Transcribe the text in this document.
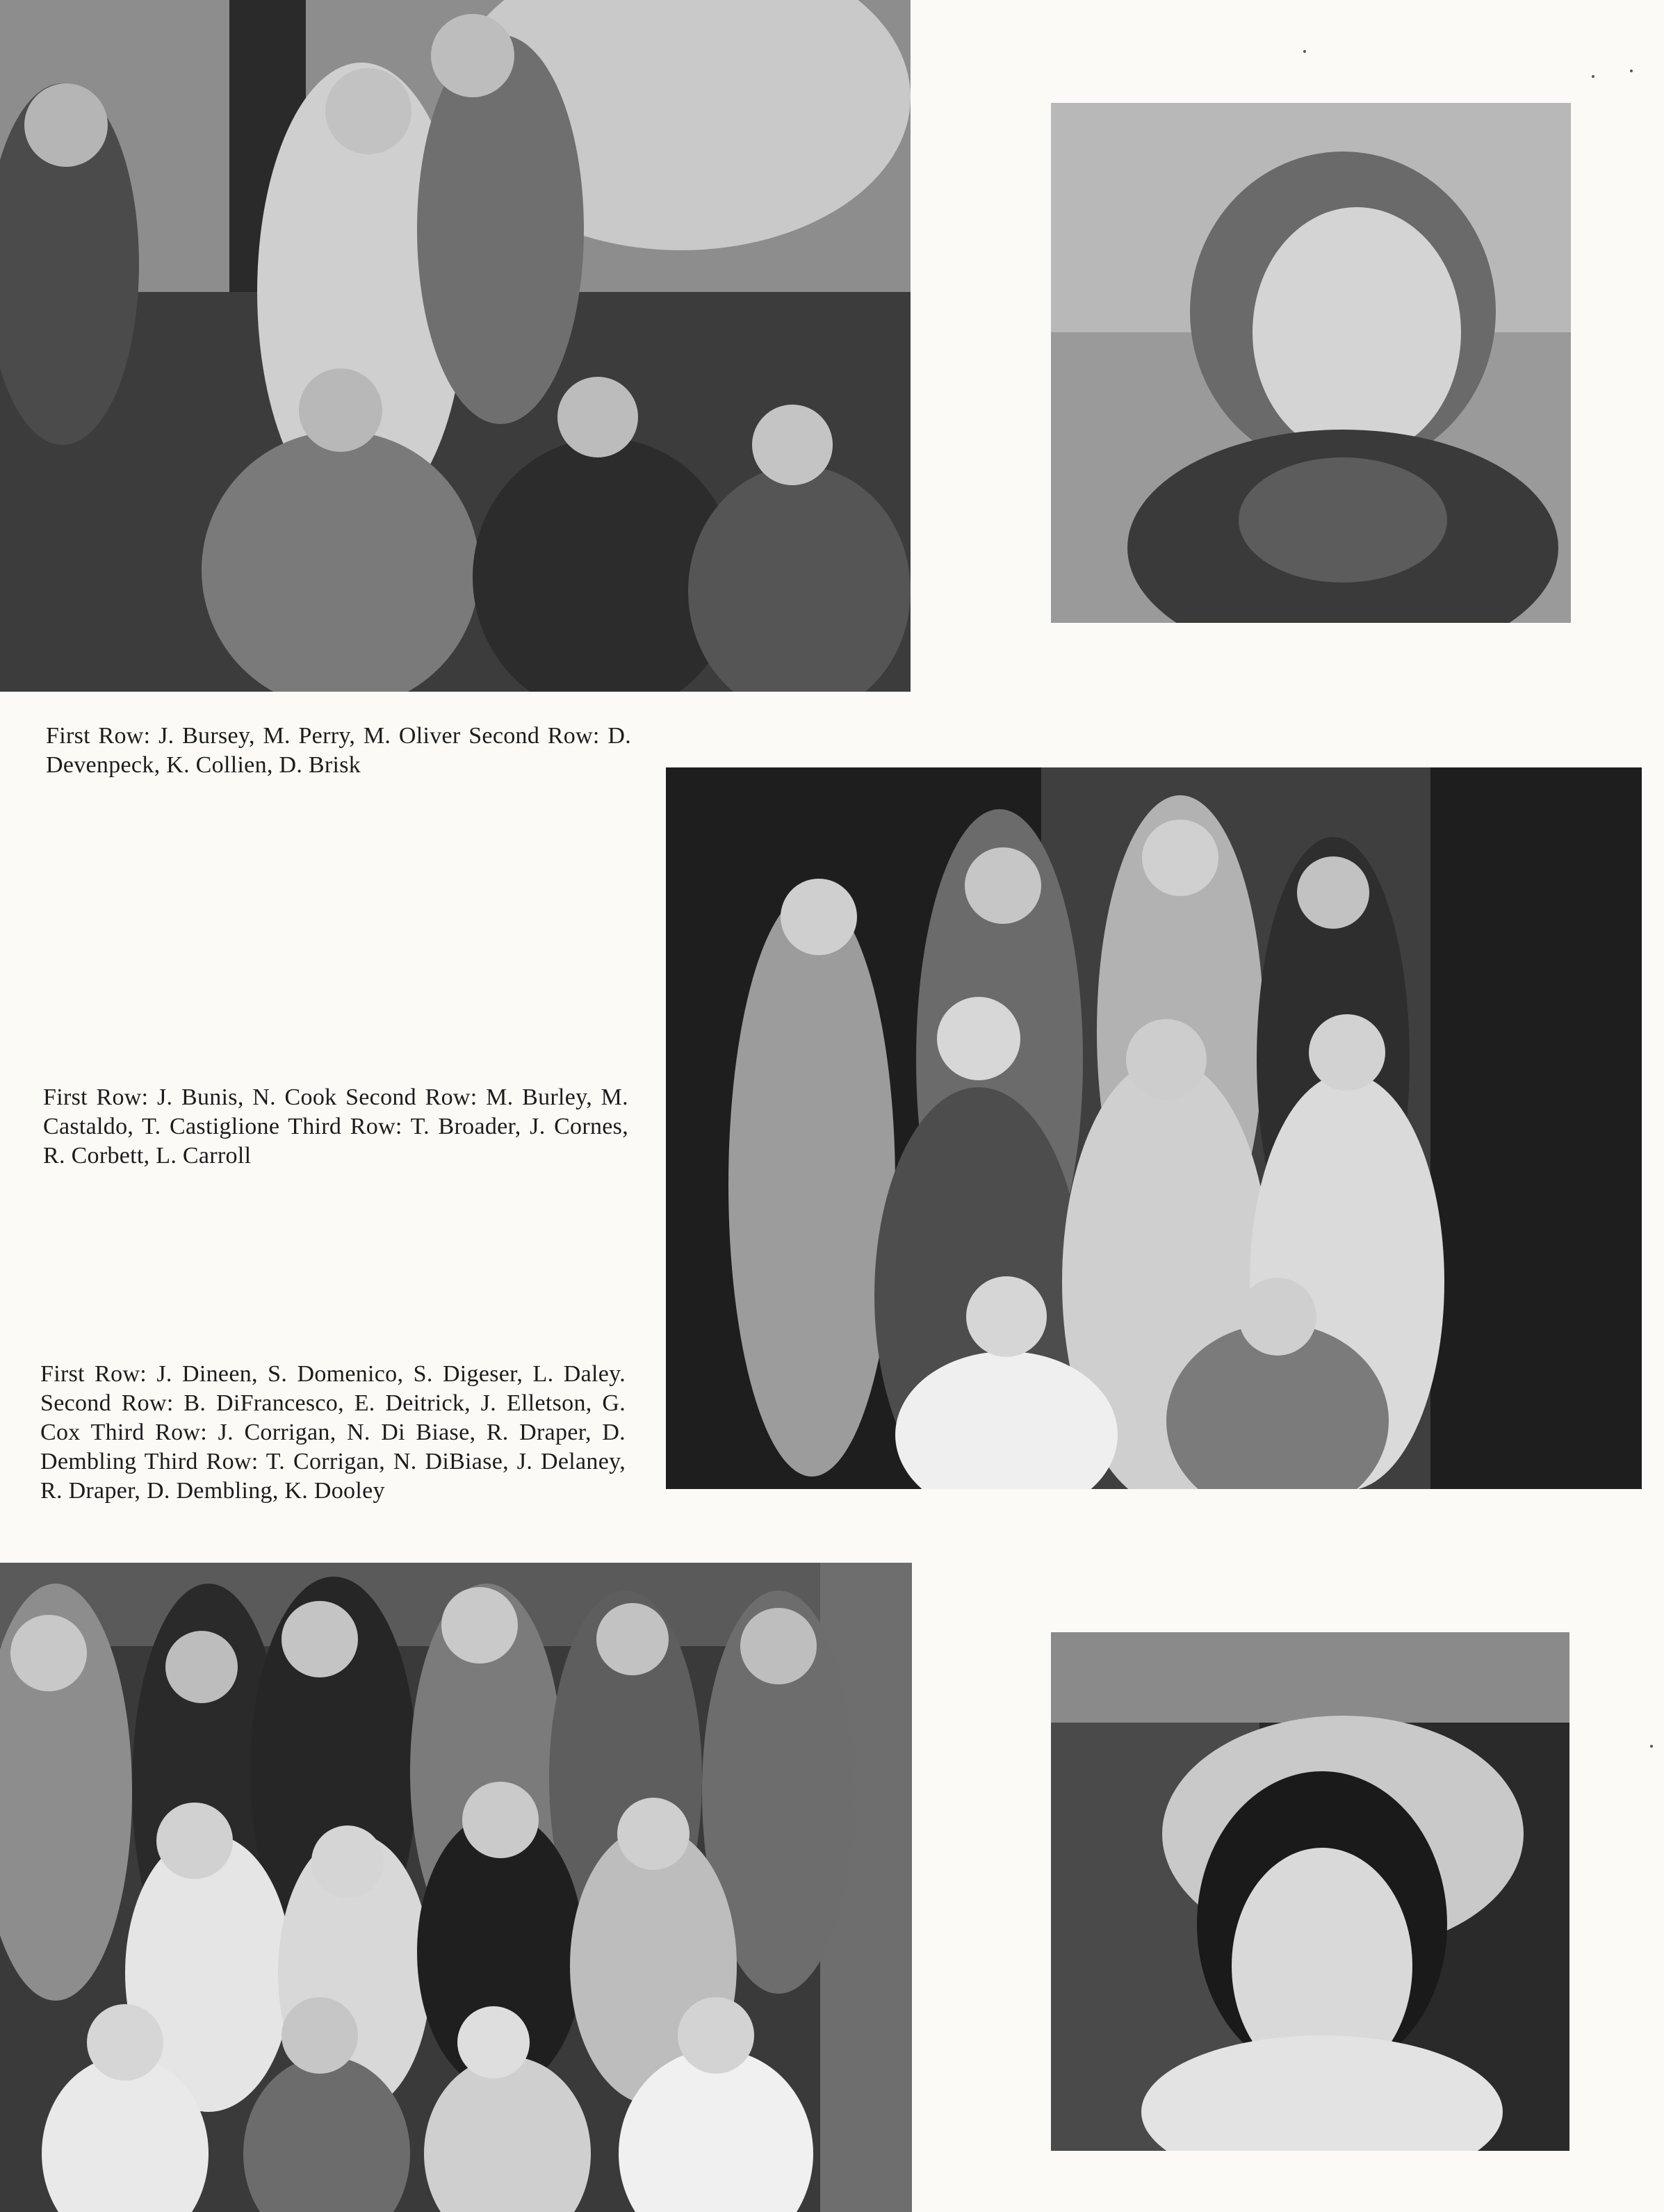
First Row: J. Bursey, M. Perry, M. Oliver Second Row: D. Devenpeck, K. Collien, D. Brisk
First Row: J. Bunis, N. Cook Second Row: M. Burley, M. Castaldo, T. Castiglione Third Row: T. Broader, J. Cornes, R. Corbett, L. Carroll
First Row: J. Dineen, S. Domenico, S. Digeser, L. Daley. Second Row: B. DiFrancesco, E. Deitrick, J. Elletson, G. Cox Third Row: J. Corrigan, N. Di Biase, R. Draper, D. Dembling Third Row: T. Corrigan, N. DiBiase, J. Delaney, R. Draper, D. Dembling, K. Dooley
